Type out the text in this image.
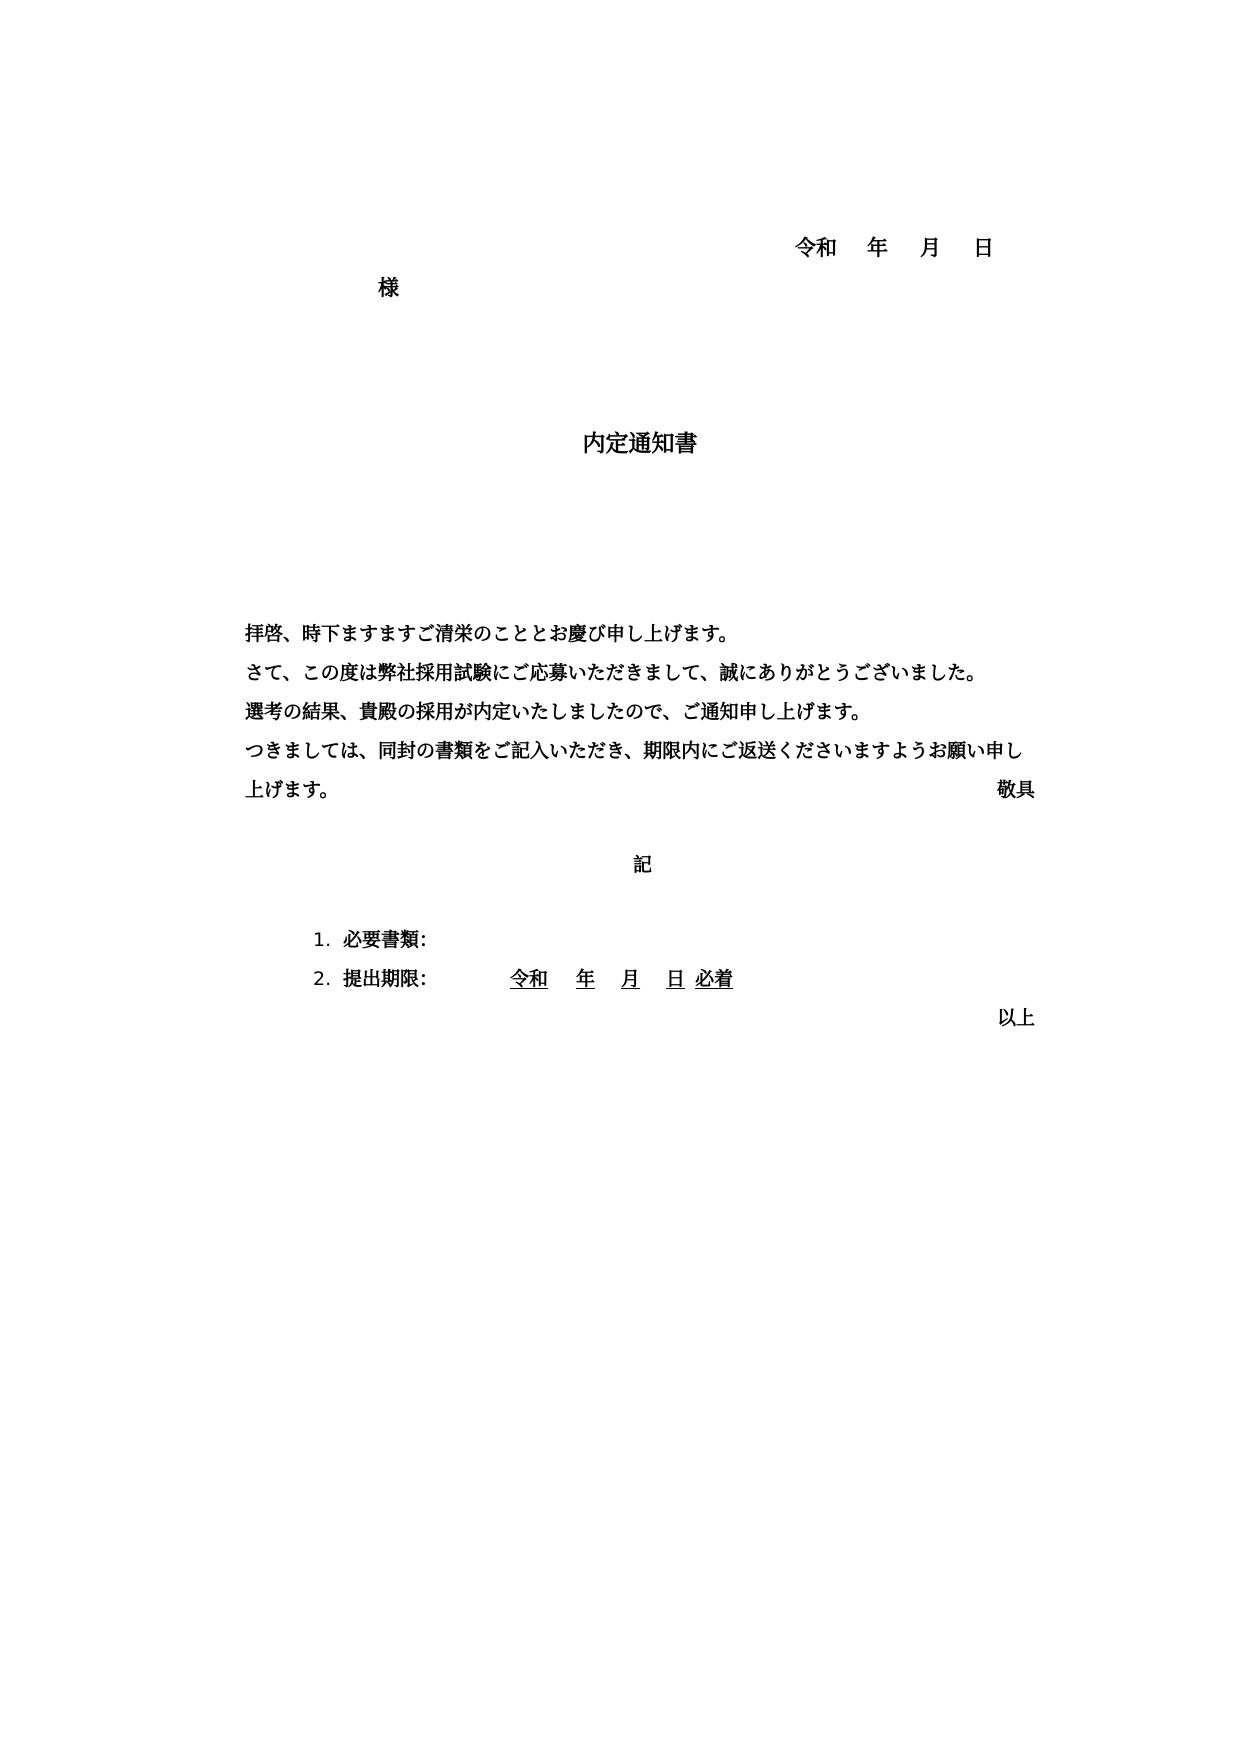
令和 年 月 日
様
内定通知書
拝啓、時下ますますご清栄のこととお慶び申し上げます。
さて、この度は弊社採用試験にご応募いただきまして、誠にありがとうございました。
選考の結果、貴殿の採用が内定いたしましたので、ご通知申し上げます。
つきましては、同封の書類をご記入いただき、期限内にご返送くださいますようお願い申し
上げます。	敬具
記
1. 必要書類：
2. 提出期限：	令和 年 月 日 必着
以上
